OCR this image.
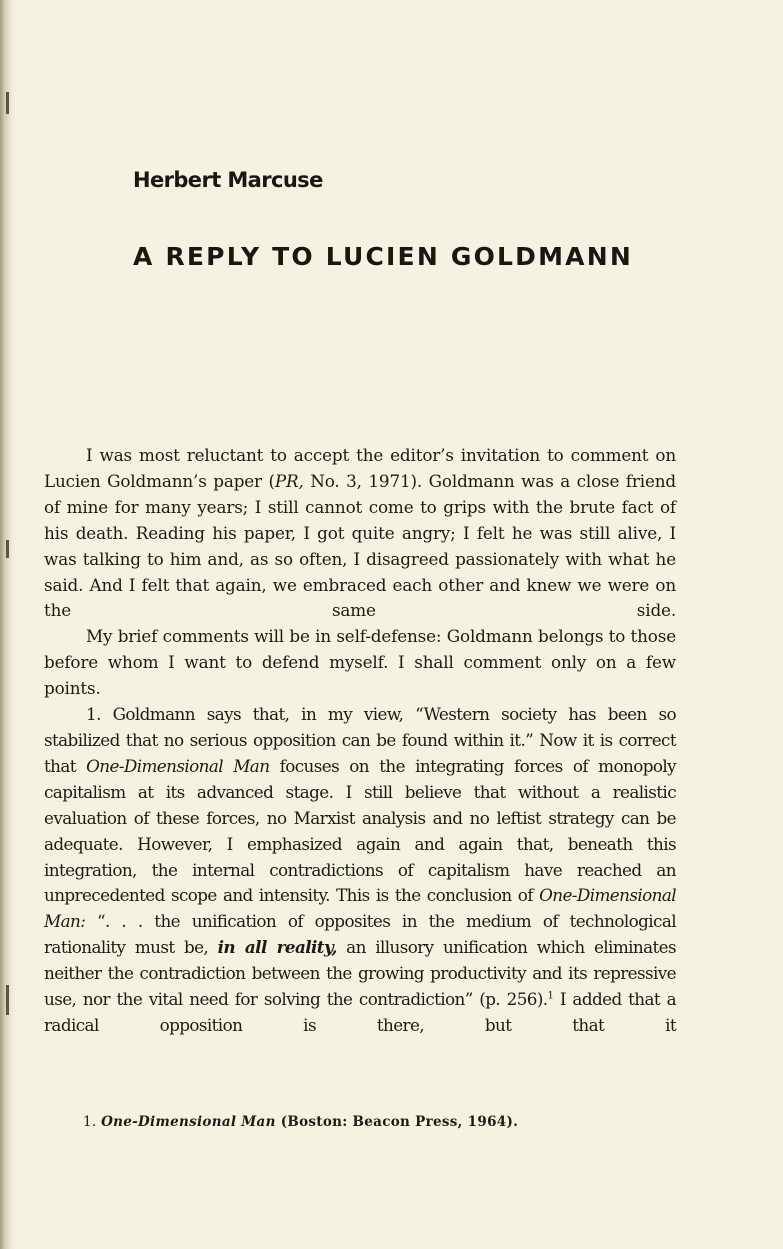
Herbert Marcuse
A REPLY TO LUCIEN GOLDMANN

I was most reluctant to accept the editor’s invitation to comment on Lucien Goldmann’s paper (PR, No. 3, 1971). Goldmann was a close friend of mine for many years; I still cannot come to grips with the brute fact of his death. Reading his paper, I got quite angry; I felt he was still alive, I was talking to him and, as so often, I disagreed passionately with what he said. And I felt that again, we embraced each other and knew we were on the same side.

My brief comments will be in self-defense: Goldmann belongs to those before whom I want to defend myself. I shall comment only on a few points.

1. Goldmann says that, in my view, “Western society has been so stabilized that no serious opposition can be found within it.” Now it is correct that One-Dimensional Man focuses on the integrating forces of monopoly capitalism at its advanced stage. I still believe that without a realistic evaluation of these forces, no Marxist analysis and no leftist strategy can be adequate. However, I emphasized again and again that, beneath this integration, the internal contradictions of capitalism have reached an unprecedented scope and intensity. This is the conclusion of One-Dimensional Man: “. . . the unification of opposites in the medium of technological rationality must be, in all reality, an illusory unification which eliminates neither the contradiction between the growing productivity and its repressive use, nor the vital need for solving the contradiction” (p. 256).$^1$ I added that a radical opposition is there, but that it

1. One-Dimensional Man (Boston: Beacon Press, 1964).
